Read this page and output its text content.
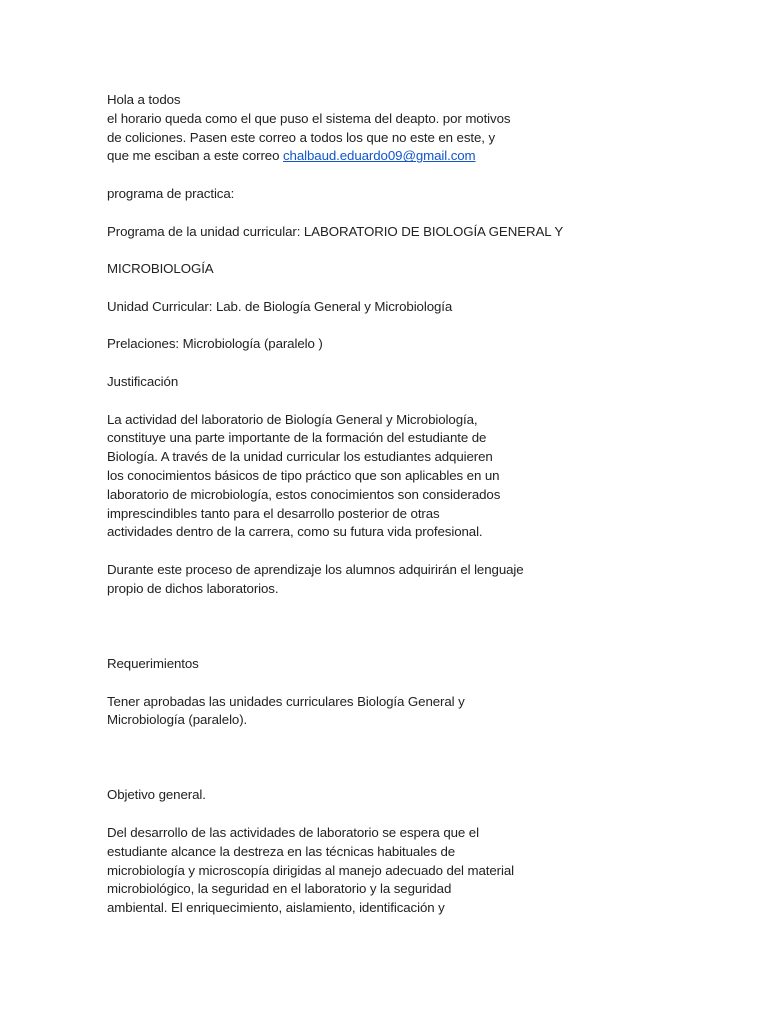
Hola a todos
el horario queda como el que puso el sistema del deapto. por motivos
de coliciones. Pasen este correo a todos los que no este en este, y
que me esciban a este correo chalbaud.eduardo09@gmail.com

programa de practica:

Programa de la unidad curricular: LABORATORIO DE BIOLOGÍA GENERAL Y

MICROBIOLOGÍA

Unidad Curricular: Lab. de Biología General y Microbiología

Prelaciones: Microbiología (paralelo )

Justificación

La actividad del laboratorio de Biología General y Microbiología,
constituye una parte importante de la formación del estudiante de
Biología. A través de la unidad curricular los estudiantes adquieren
los conocimientos básicos de tipo práctico que son aplicables en un
laboratorio de microbiología, estos conocimientos son considerados
imprescindibles tanto para el desarrollo posterior de otras
actividades dentro de la carrera, como su futura vida profesional.

Durante este proceso de aprendizaje los alumnos adquirirán el lenguaje
propio de dichos laboratorios.

Requerimientos

Tener aprobadas las unidades curriculares Biología General y
Microbiología (paralelo).

Objetivo general.

Del desarrollo de las actividades de laboratorio se espera que el
estudiante alcance la destreza en las técnicas habituales de
microbiología y microscopía dirigidas al manejo adecuado del material
microbiológico, la seguridad en el laboratorio y la seguridad
ambiental. El enriquecimiento, aislamiento, identificación y
